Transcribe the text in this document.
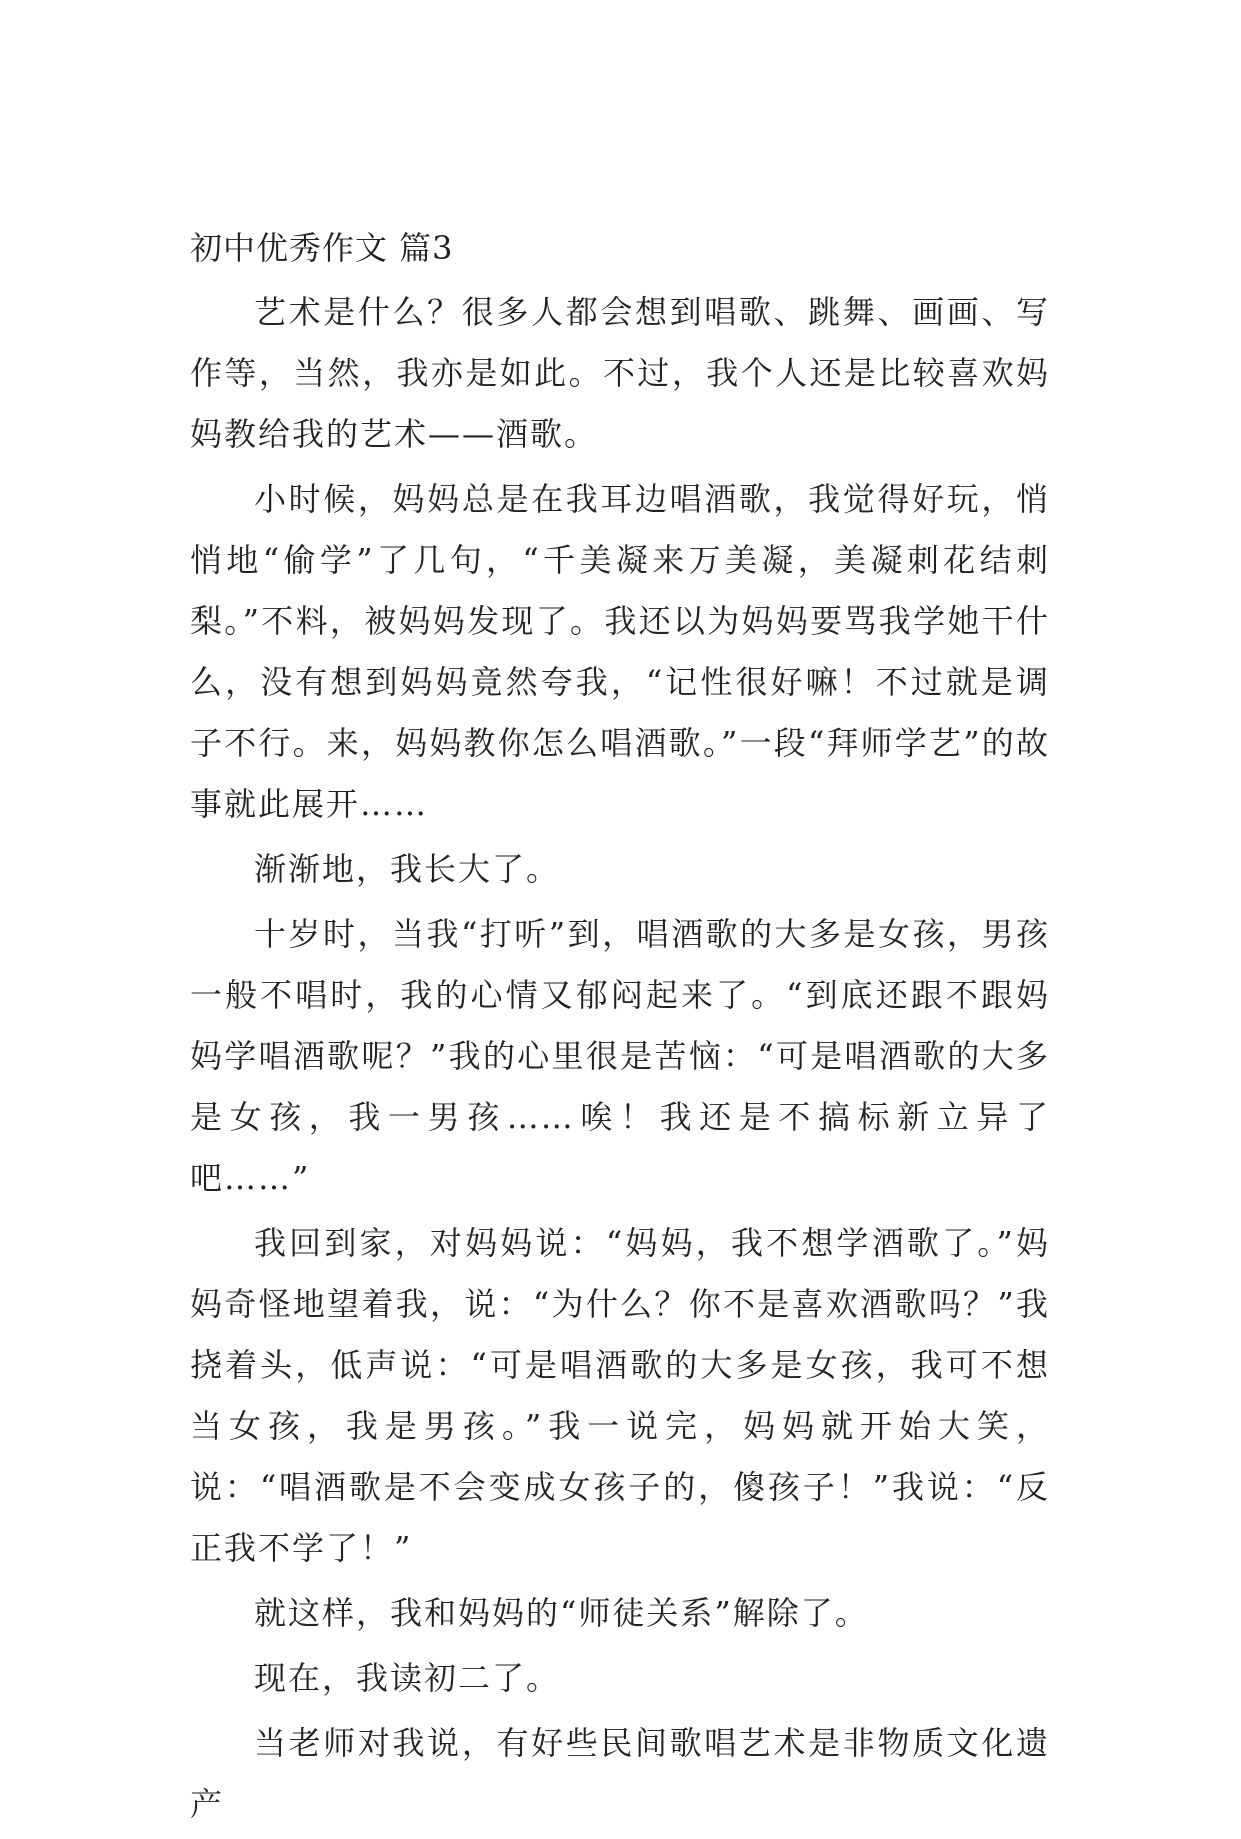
初中优秀作文 篇3

艺术是什么？很多人都会想到唱歌、跳舞、画画、写作等，当然，我亦是如此。不过，我个人还是比较喜欢妈妈教给我的艺术——酒歌。

小时候，妈妈总是在我耳边唱酒歌，我觉得好玩，悄悄地“偷学”了几句，“千美凝来万美凝，美凝刺花结刺梨。”不料，被妈妈发现了。我还以为妈妈要骂我学她干什么，没有想到妈妈竟然夸我，“记性很好嘛！不过就是调子不行。来，妈妈教你怎么唱酒歌。”一段“拜师学艺”的故事就此展开……

渐渐地，我长大了。

十岁时，当我“打听”到，唱酒歌的大多是女孩，男孩一般不唱时，我的心情又郁闷起来了。“到底还跟不跟妈妈学唱酒歌呢？”我的心里很是苦恼：“可是唱酒歌的大多是女孩，我一男孩……唉！我还是不搞标新立异了吧……”

我回到家，对妈妈说：“妈妈，我不想学酒歌了。”妈妈奇怪地望着我，说：“为什么？你不是喜欢酒歌吗？”我挠着头，低声说：“可是唱酒歌的大多是女孩，我可不想当女孩，我是男孩。”我一说完，妈妈就开始大笑，说：“唱酒歌是不会变成女孩子的，傻孩子！”我说：“反正我不学了！”

就这样，我和妈妈的“师徒关系”解除了。

现在，我读初二了。

当老师对我说，有好些民间歌唱艺术是非物质文化遗产
